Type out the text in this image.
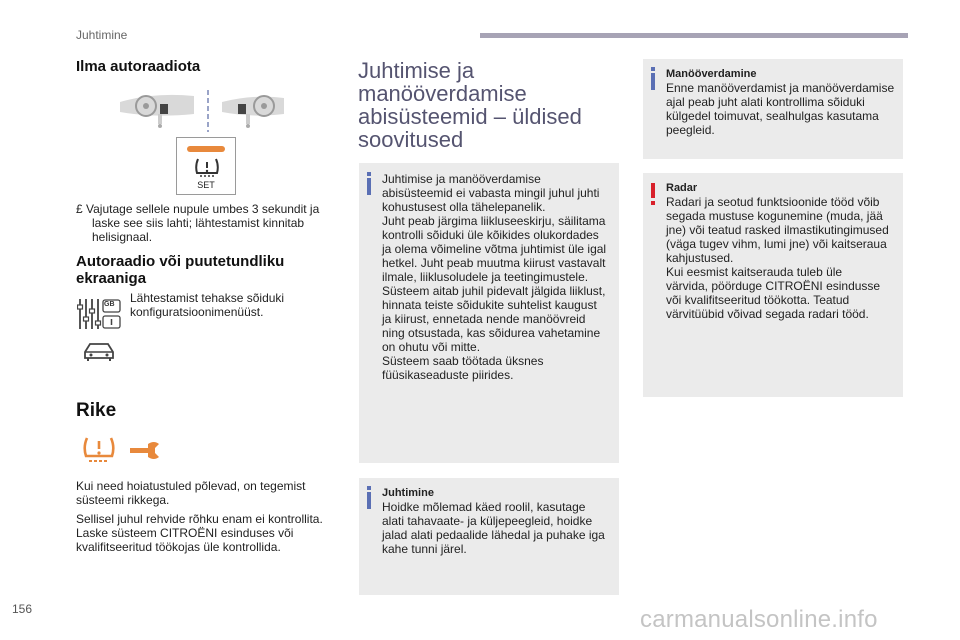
Juhtimine
Ilma autoraadiota
SET
£ Vajutage sellele nupule umbes 3 sekundit ja laske see siis lahti; lähtestamist kinnitab helisignaal.
Autoraadio või puutetundliku ekraaniga
GB Lähtestamist tehakse sõiduki konfiguratsioonimenüüst.
Rike
Kui need hoiatustuled põlevad, on tegemist süsteemi rikkega.
Sellisel juhul rehvide rõhku enam ei kontrollita. Laske süsteem CITROËNI esinduses või kvalifitseeritud töökojas üle kontrollida.
Juhtimise ja
manööverdamise
abisüsteemid – üldised
soovitused
Juhtimise ja manööverdamise
abisüsteemid ei vabasta mingil juhul juhti
kohustusest olla tähelepanelik.
Juht peab järgima liikluseeskirju, säilitama
kontrolli sõiduki üle kõikides olukordades
ja olema võimeline võtma juhtimist üle igal
hetkel. Juht peab muutma kiirust vastavalt
ilmale, liiklusoludele ja teetingimustele.
Süsteem aitab juhil pidevalt jälgida liiklust,
hinnata teiste sõidukite suhtelist kaugust
ja kiirust, ennetada nende manöövreid
ning otsustada, kas sõidurea vahetamine
on ohutu või mitte.
Süsteem saab töötada üksnes
füüsikaseaduste piirides.
Juhtimine
Hoidke mõlemad käed roolil, kasutage
alati tahavaate- ja küljepeegleid, hoidke
jalad alati pedaalide lähedal ja puhake iga
kahe tunni järel.
Manööverdamine
Enne manööverdamist ja manööverdamise
ajal peab juht alati kontrollima sõiduki
külgedel toimuvat, sealhulgas kasutama
peegleid.
Radar
Radari ja seotud funktsioonide tööd võib
segada mustuse kogunemine (muda, jää
jne) või teatud rasked ilmastikutingimused
(väga tugev vihm, lumi jne) või kaitseraua
kahjustused.
Kui eesmist kaitserauda tuleb üle
värvida, pöörduge CITROËNI esindusse
või kvalifitseeritud töökotta. Teatud
värvitüübid võivad segada radari tööd.
156	carmanualsonline.info
